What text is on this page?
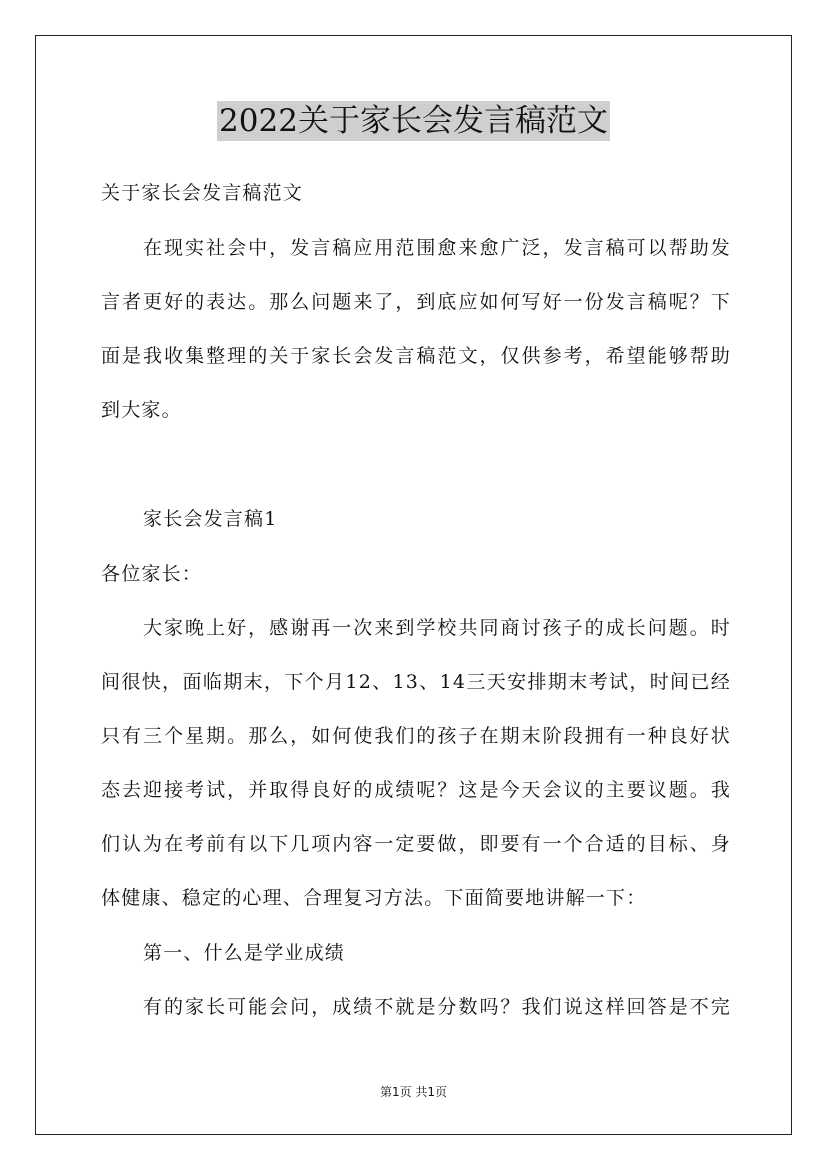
2022关于家长会发言稿范文
关于家长会发言稿范文
在现实社会中，发言稿应用范围愈来愈广泛，发言稿可以帮助发
言者更好的表达。那么问题来了，到底应如何写好一份发言稿呢？下
面是我收集整理的关于家长会发言稿范文，仅供参考，希望能够帮助
到大家。
家长会发言稿1
各位家长：
大家晚上好，感谢再一次来到学校共同商讨孩子的成长问题。时
间很快，面临期末，下个月12、13、14三天安排期末考试，时间已经
只有三个星期。那么，如何使我们的孩子在期末阶段拥有一种良好状
态去迎接考试，并取得良好的成绩呢？这是今天会议的主要议题。我
们认为在考前有以下几项内容一定要做，即要有一个合适的目标、身
体健康、稳定的心理、合理复习方法。下面简要地讲解一下：
第一、什么是学业成绩
有的家长可能会问，成绩不就是分数吗？我们说这样回答是不完
第1页 共1页
